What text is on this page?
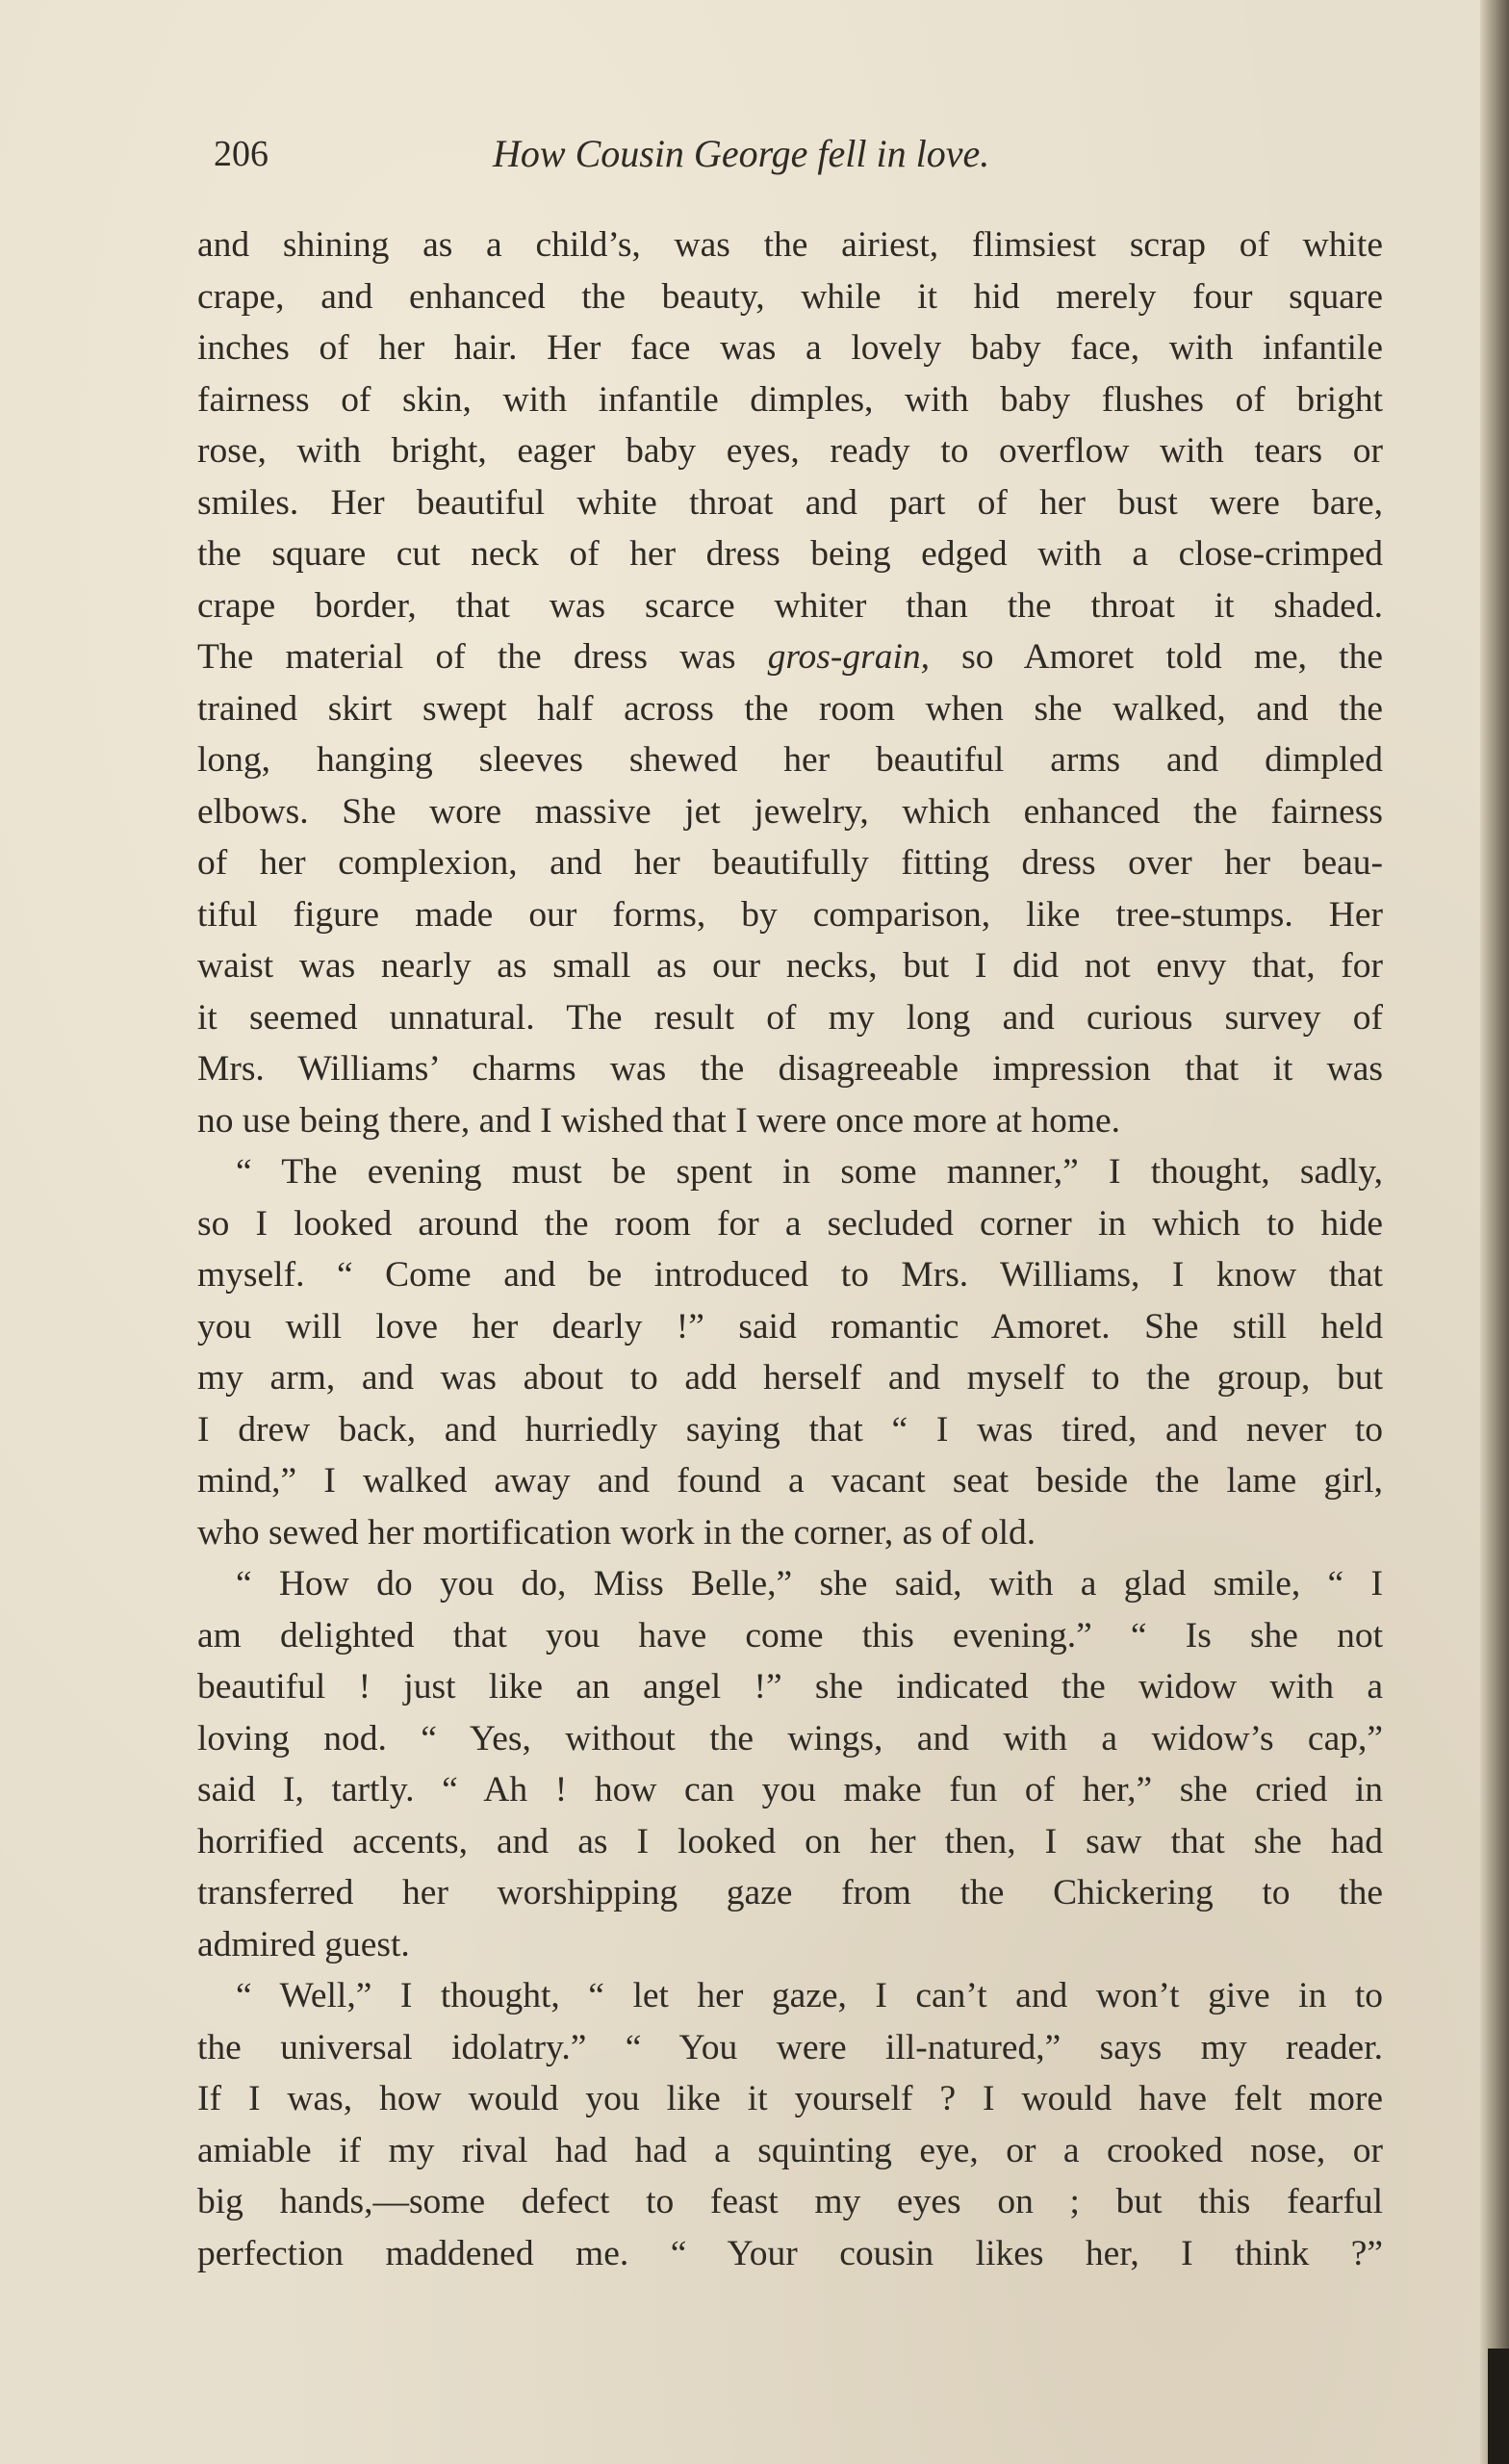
206	How Cousin George fell in love.
and shining as a child’s, was the airiest, flimsiest scrap of white
crape, and enhanced the beauty, while it hid merely four square
inches of her hair. Her face was a lovely baby face, with infantile
fairness of skin, with infantile dimples, with baby flushes of bright
rose, with bright, eager baby eyes, ready to overflow with tears or
smiles. Her beautiful white throat and part of her bust were bare,
the square cut neck of her dress being edged with a close-crimped
crape border, that was scarce whiter than the throat it shaded.
The material of the dress was gros-grain, so Amoret told me, the
trained skirt swept half across the room when she walked, and the
long, hanging sleeves shewed her beautiful arms and dimpled
elbows. She wore massive jet jewelry, which enhanced the fairness
of her complexion, and her beautifully fitting dress over her beau-
tiful figure made our forms, by comparison, like tree-stumps. Her
waist was nearly as small as our necks, but I did not envy that, for
it seemed unnatural. The result of my long and curious survey of
Mrs. Williams’ charms was the disagreeable impression that it was
no use being there, and I wished that I were once more at home.
“ The evening must be spent in some manner,” I thought, sadly,
so I looked around the room for a secluded corner in which to hide
myself. “ Come and be introduced to Mrs. Williams, I know that
you will love her dearly !” said romantic Amoret. She still held
my arm, and was about to add herself and myself to the group, but
I drew back, and hurriedly saying that “ I was tired, and never to
mind,” I walked away and found a vacant seat beside the lame girl,
who sewed her mortification work in the corner, as of old.
“ How do you do, Miss Belle,” she said, with a glad smile, “ I
am delighted that you have come this evening.” “ Is she not
beautiful ! just like an angel !” she indicated the widow with a
loving nod. “ Yes, without the wings, and with a widow’s cap,”
said I, tartly. “ Ah ! how can you make fun of her,” she cried in
horrified accents, and as I looked on her then, I saw that she had
transferred her worshipping gaze from the Chickering to the
admired guest.
“ Well,” I thought, “ let her gaze, I can’t and won’t give in to
the universal idolatry.” “ You were ill-natured,” says my reader.
If I was, how would you like it yourself ? I would have felt more
amiable if my rival had had a squinting eye, or a crooked nose, or
big hands,—some defect to feast my eyes on ; but this fearful
perfection maddened me. “ Your cousin likes her, I think ?”
